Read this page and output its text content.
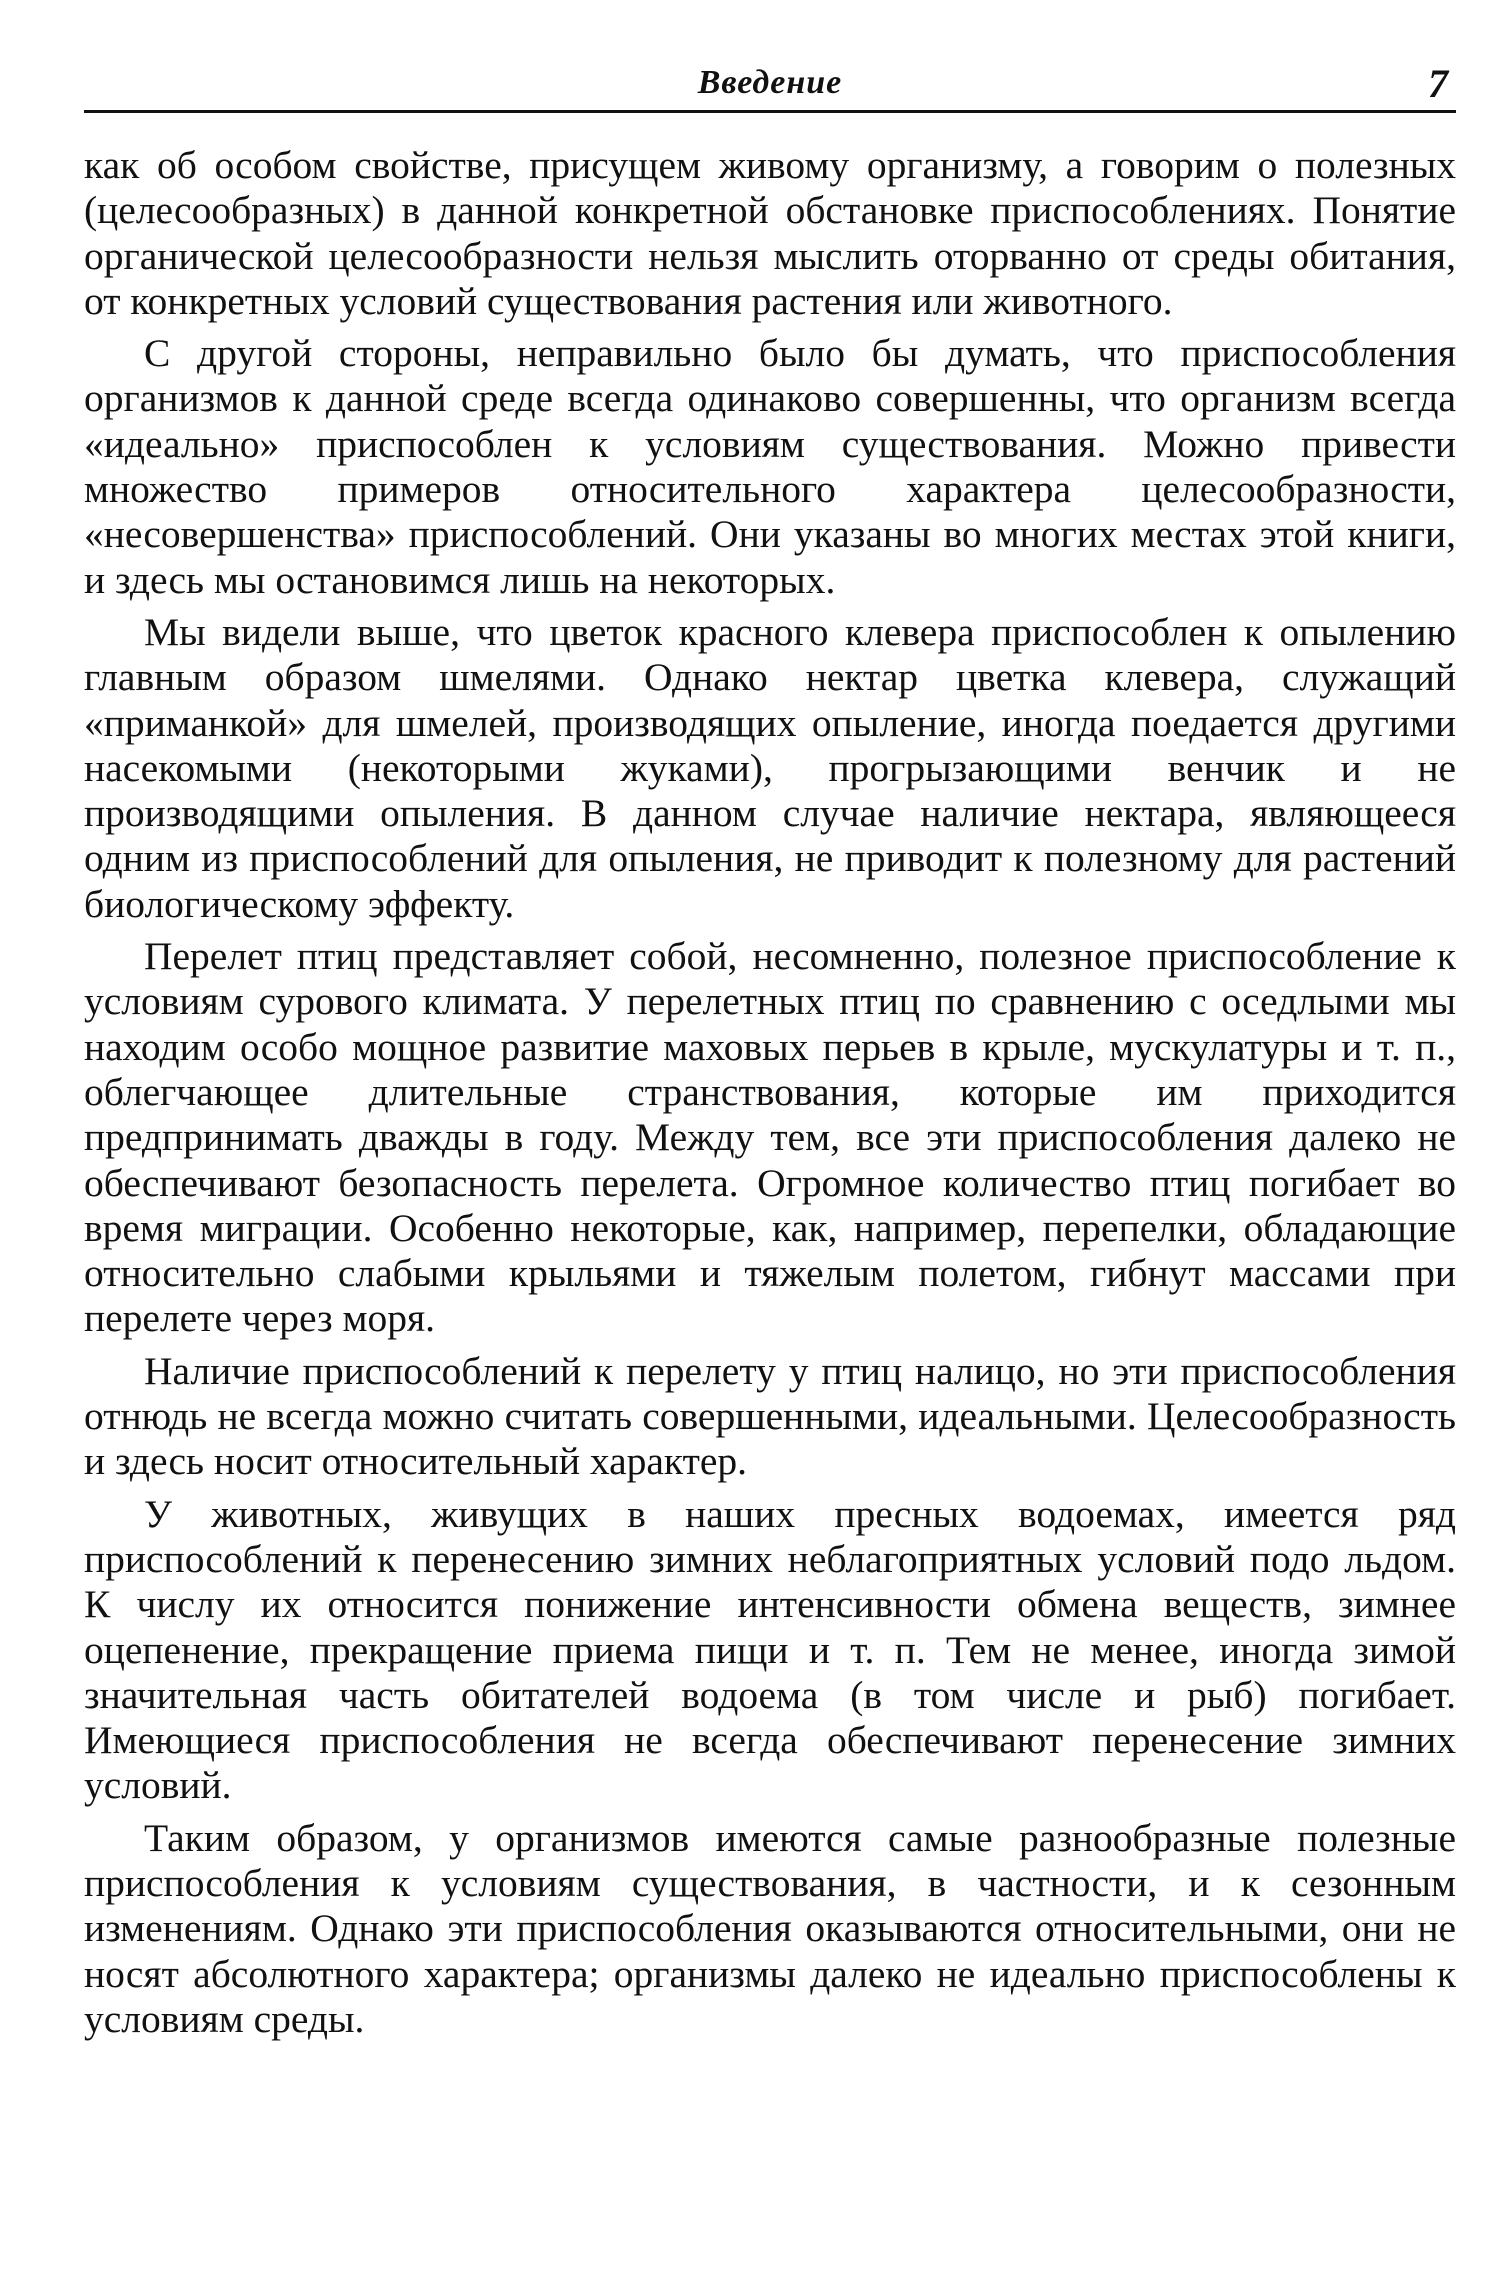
Введение	7

как об особом свойстве, присущем живому организму, а говорим о полезных (целесообразных) в данной конкретной обстановке приспособлениях. Понятие органической целесообразности нельзя мыслить оторванно от среды обитания, от конкретных условий существования растения или животного.

С другой стороны, неправильно было бы думать, что приспособления организмов к данной среде всегда одинаково совершенны, что организм всегда «идеально» приспособлен к условиям существования. Можно привести множество примеров относительного характера целесообразности, «несовершенства» приспособлений. Они указаны во многих местах этой книги, и здесь мы остановимся лишь на некоторых.

Мы видели выше, что цветок красного клевера приспособлен к опылению главным образом шмелями. Однако нектар цветка клевера, служащий «приманкой» для шмелей, производящих опыление, иногда поедается другими насекомыми (некоторыми жуками), прогрызающими венчик и не производящими опыления. В данном случае наличие нектара, являющееся одним из приспособлений для опыления, не приводит к полезному для растений биологическому эффекту.

Перелет птиц представляет собой, несомненно, полезное приспособление к условиям сурового климата. У перелетных птиц по сравнению с оседлыми мы находим особо мощное развитие маховых перьев в крыле, мускулатуры и т. п., облегчающее длительные странствования, которые им приходится предпринимать дважды в году. Между тем, все эти приспособления далеко не обеспечивают безопасность перелета. Огромное количество птиц погибает во время миграции. Особенно некоторые, как, например, перепелки, обладающие относительно слабыми крыльями и тяжелым полетом, гибнут массами при перелете через моря.

Наличие приспособлений к перелету у птиц налицо, но эти приспособления отнюдь не всегда можно считать совершенными, идеальными. Целесообразность и здесь носит относительный характер.

У животных, живущих в наших пресных водоемах, имеется ряд приспособлений к перенесению зимних неблагоприятных условий подо льдом. К числу их относится понижение интенсивности обмена веществ, зимнее оцепенение, прекращение приема пищи и т. п. Тем не менее, иногда зимой значительная часть обитателей водоема (в том числе и рыб) погибает. Имеющиеся приспособления не всегда обеспечивают перенесение зимних условий.

Таким образом, у организмов имеются самые разнообразные полезные приспособления к условиям существования, в частности, и к сезонным изменениям. Однако эти приспособления оказываются относительными, они не носят абсолютного характера; организмы далеко не идеально приспособлены к условиям среды.
